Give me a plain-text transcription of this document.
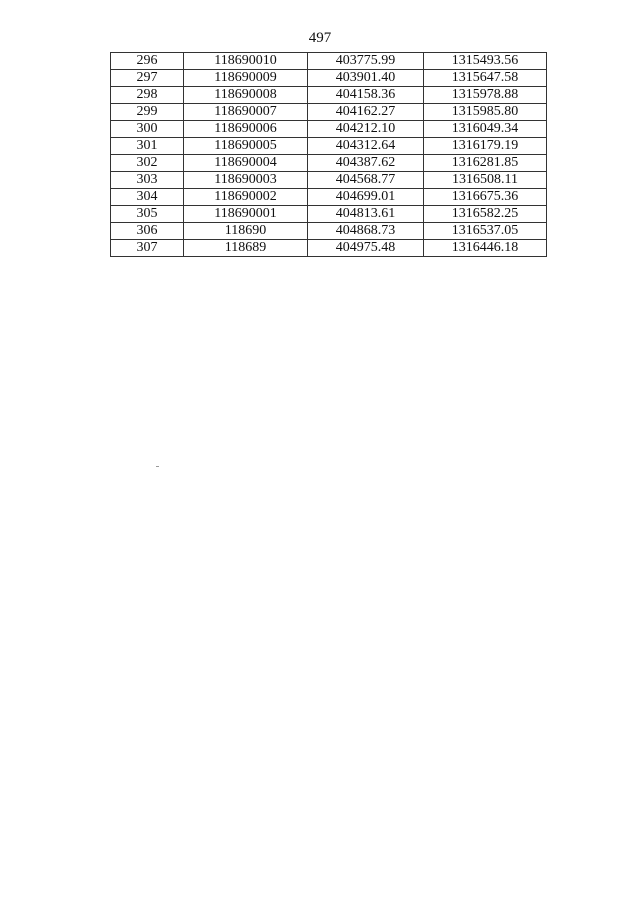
497
296	118690010	403775.99	1315493.56
297	118690009	403901.40	1315647.58
298	118690008	404158.36	1315978.88
299	118690007	404162.27	1315985.80
300	118690006	404212.10	1316049.34
301	118690005	404312.64	1316179.19
302	118690004	404387.62	1316281.85
303	118690003	404568.77	1316508.11
304	118690002	404699.01	1316675.36
305	118690001	404813.61	1316582.25
306	118690	404868.73	1316537.05
307	118689	404975.48	1316446.18
